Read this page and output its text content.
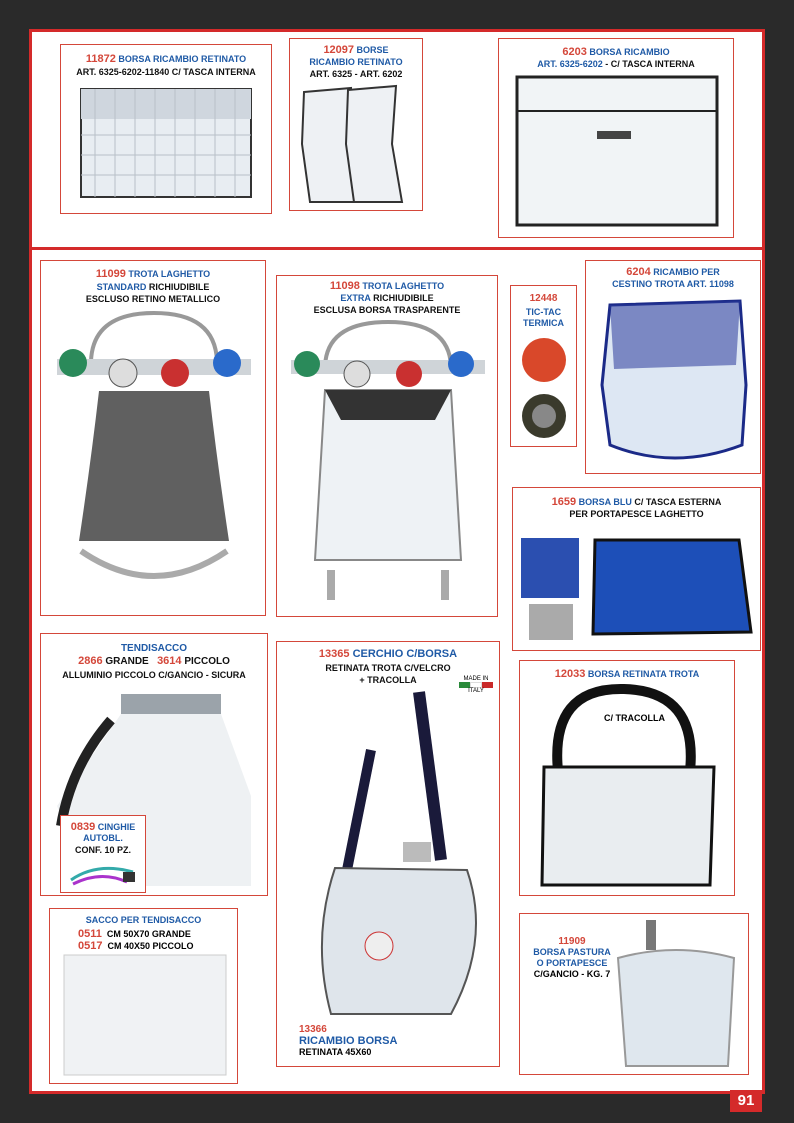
11872 BORSA RICAMBIO RETINATO
ART. 6325-6202-11840 C/ TASCA INTERNA
12097 BORSE
RICAMBIO RETINATO
ART. 6325 - ART. 6202
6203 BORSA RICAMBIO
ART. 6325-6202 - C/ TASCA INTERNA
11099 TROTA LAGHETTO
STANDARD RICHIUDIBILE
ESCLUSO RETINO METALLICO
11098 TROTA LAGHETTO
EXTRA RICHIUDIBILE
ESCLUSA BORSA TRASPARENTE
12448
TIC-TAC
TERMICA
6204 RICAMBIO PER
CESTINO TROTA ART. 11098
1659 BORSA BLU C/ TASCA ESTERNA
PER PORTAPESCE LAGHETTO
TENDISACCO
2866 GRANDE 3614 PICCOLO
ALLUMINIO PICCOLO C/GANCIO - SICURA
0839 CINGHIE
AUTOBL.
CONF. 10 PZ.
SACCO PER TENDISACCO
0511 CM 50X70 GRANDE
0517 CM 40X50 PICCOLO
13365 CERCHIO C/BORSA
RETINATA TROTA C/VELCRO
+ TRACOLLA	MADE IN
ITALY
13366
RICAMBIO BORSA
RETINATA 45X60
12033 BORSA RETINATA TROTA
C/ TRACOLLA
11909
BORSA PASTURA
O PORTAPESCE
C/GANCIO - KG. 7
91
